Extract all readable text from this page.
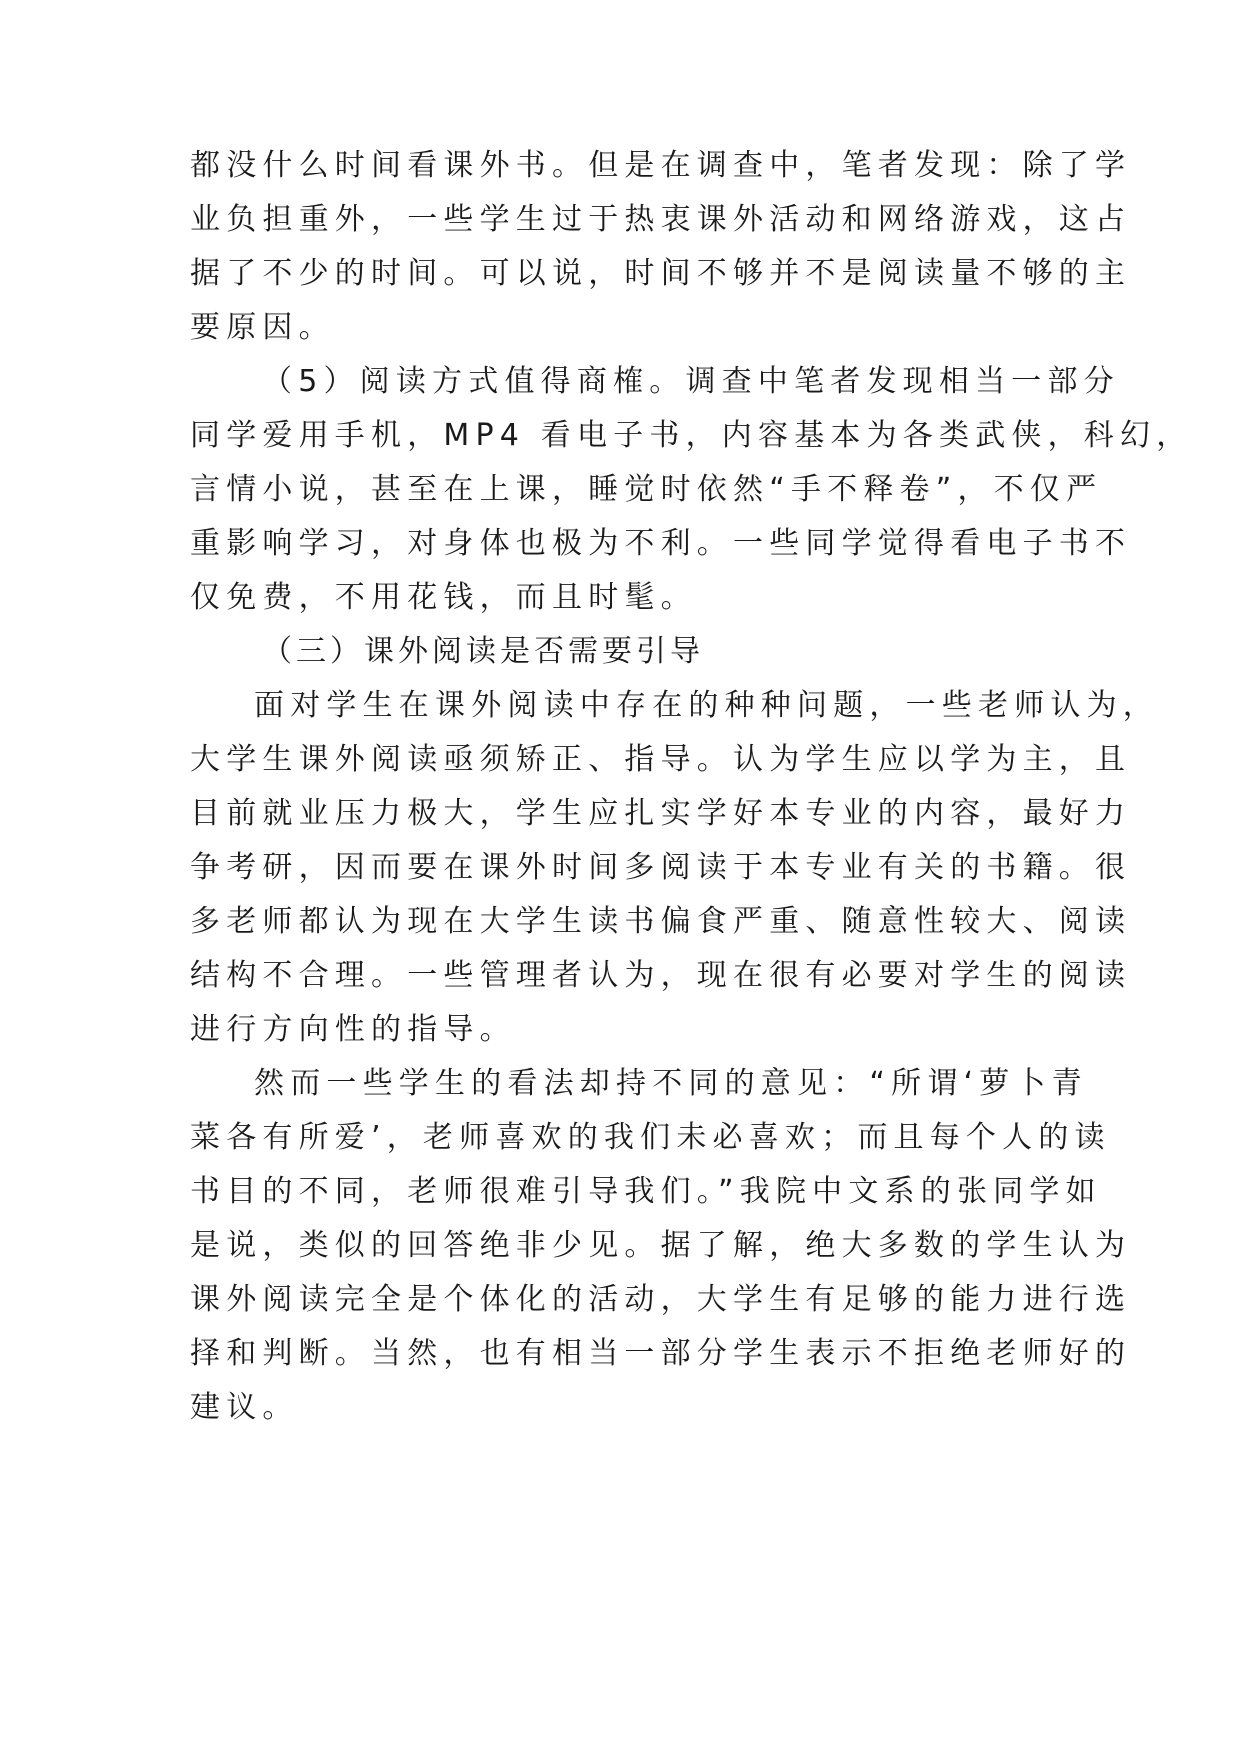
都没什么时间看课外书。但是在调查中，笔者发现：除了学
业负担重外，一些学生过于热衷课外活动和网络游戏，这占
据了不少的时间。可以说，时间不够并不是阅读量不够的主
要原因。
（5）阅读方式值得商榷。调查中笔者发现相当一部分
同学爱用手机，MP4 看电子书，内容基本为各类武侠，科幻，
言情小说，甚至在上课，睡觉时依然“手不释卷”，不仅严
重影响学习，对身体也极为不利。一些同学觉得看电子书不
仅免费，不用花钱，而且时髦。
（三）课外阅读是否需要引导
面对学生在课外阅读中存在的种种问题，一些老师认为，
大学生课外阅读亟须矫正、指导。认为学生应以学为主，且
目前就业压力极大，学生应扎实学好本专业的内容，最好力
争考研，因而要在课外时间多阅读于本专业有关的书籍。很
多老师都认为现在大学生读书偏食严重、随意性较大、阅读
结构不合理。一些管理者认为，现在很有必要对学生的阅读
进行方向性的指导。
然而一些学生的看法却持不同的意见：“所谓‘萝卜青
菜各有所爱’，老师喜欢的我们未必喜欢；而且每个人的读
书目的不同，老师很难引导我们。”我院中文系的张同学如
是说，类似的回答绝非少见。据了解，绝大多数的学生认为
课外阅读完全是个体化的活动，大学生有足够的能力进行选
择和判断。当然，也有相当一部分学生表示不拒绝老师好的
建议。
